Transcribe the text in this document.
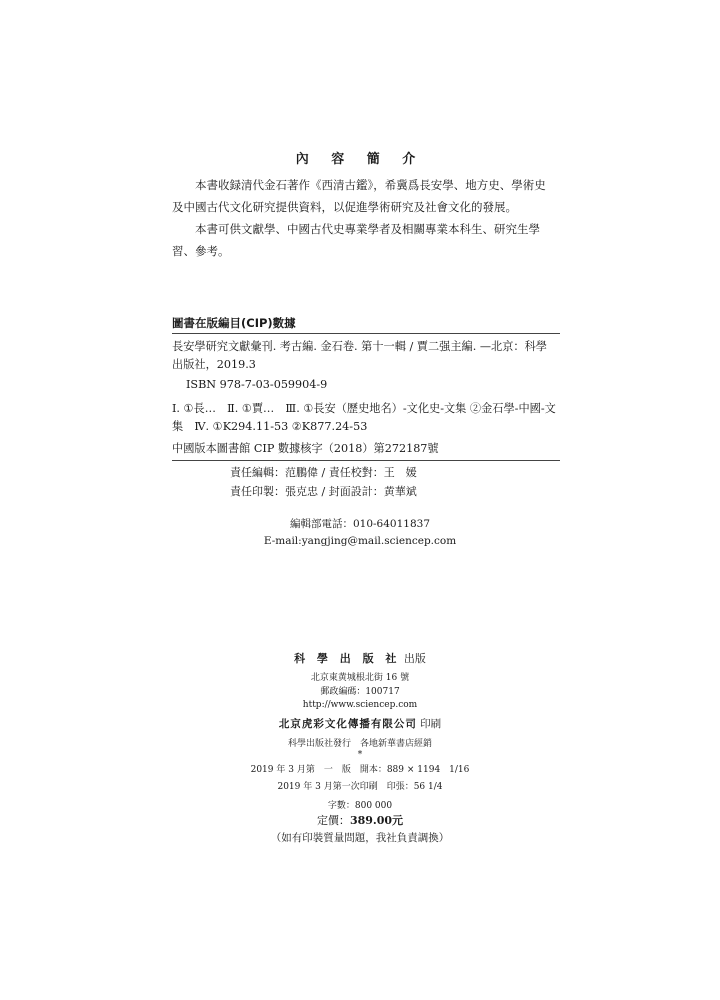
內 容 簡 介
本書收録清代金石著作《西清古鑑》，希冀爲長安學、地方史、學術史及中國古代文化研究提供資料，以促進學術研究及社會文化的發展。
本書可供文獻學、中國古代史專業學者及相關專業本科生、研究生學習、參考。
圖書在版編目(CIP)數據
長安學研究文獻彙刊. 考古編. 金石卷. 第十一輯 / 賈二强主編. —北京：科學出版社，2019.3
ISBN 978-7-03-059904-9
Ⅰ. ①長…　Ⅱ. ①賈…　Ⅲ. ①長安（歷史地名）-文化史-文集 ②金石學-中國-文集　Ⅳ. ①K294.11-53 ②K877.24-53
中國版本圖書館 CIP 數據核字（2018）第272187號
責任編輯：范鵬偉 / 責任校對：王　媛
責任印製：張克忠 / 封面設計：黄華斌
編輯部電話：010-64011837
E-mail:yangjing@mail.sciencep.com
科 學 出 版 社 出版
北京東黄城根北街 16 號
郵政編碼：100717
http://www.sciencep.com
北京虎彩文化傳播有限公司 印刷
科學出版社發行　各地新華書店經銷
*
2019 年 3 月第　一　版　開本：889 × 1194　1/16
2019 年 3 月第一次印刷　印張：56 1/4
字數：800 000
定價：389.00元
（如有印裝質量問題，我社負責調換）
